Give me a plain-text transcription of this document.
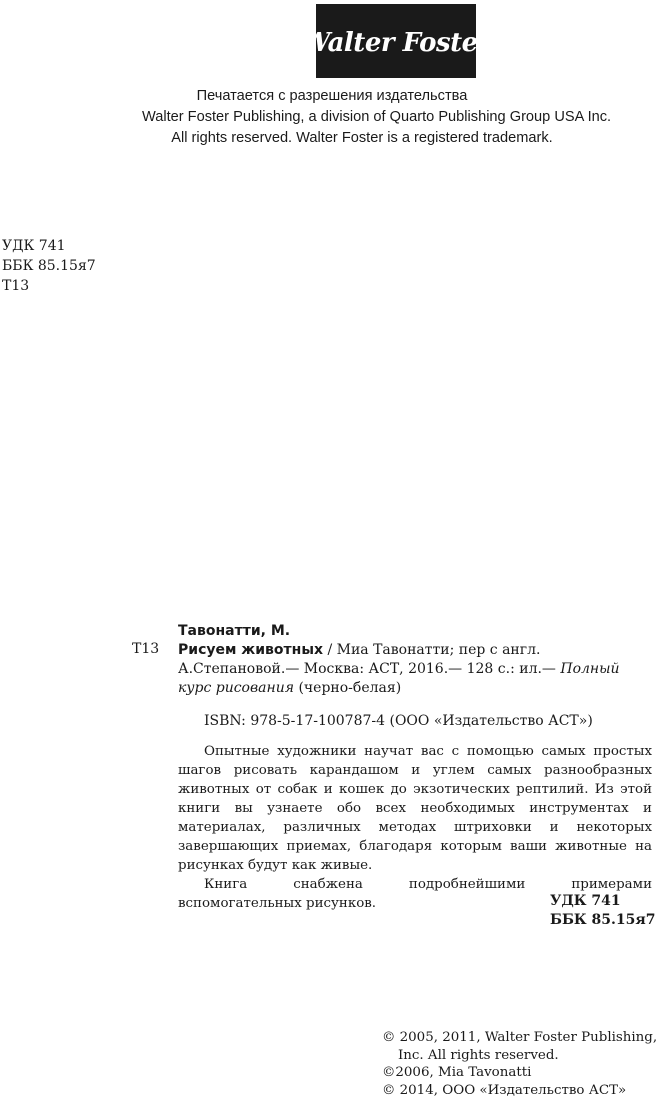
Walter Foster
Печатается с разрешения издательства
Walter Foster Publishing, a division of Quarto Publishing Group USA Inc.
All rights reserved. Walter Foster is a registered trademark.
УДК 741
ББК 85.15я7
Т13
Т13
Тавонатти, М.
Рисуем животных / Миа Тавонатти; пер с англ. А.Степановой.— Москва: АСТ, 2016.— 128 с.: ил.— Полный курс рисования (черно-белая)
ISBN: 978-5-17-100787-4 (ООО «Издательство АСТ»)

Опытные художники научат вас с помощью самых простых шагов рисовать карандашом и углем самых разнообразных животных от собак и кошек до экзотических рептилий. Из этой книги вы узнаете обо всех необходимых инструментах и материалах, различных методах штриховки и некоторых завершающих приемах, благодаря которым ваши животные на рисунках будут как живые.

Книга снабжена подробнейшими примерами вспомогательных рисунков.	УДК 741
ББК 85.15я7
© 2005, 2011, Walter Foster Publishing,
Inc. All rights reserved.
©2006, Mia Tavonatti
© 2014, ООО «Издательство АСТ»
